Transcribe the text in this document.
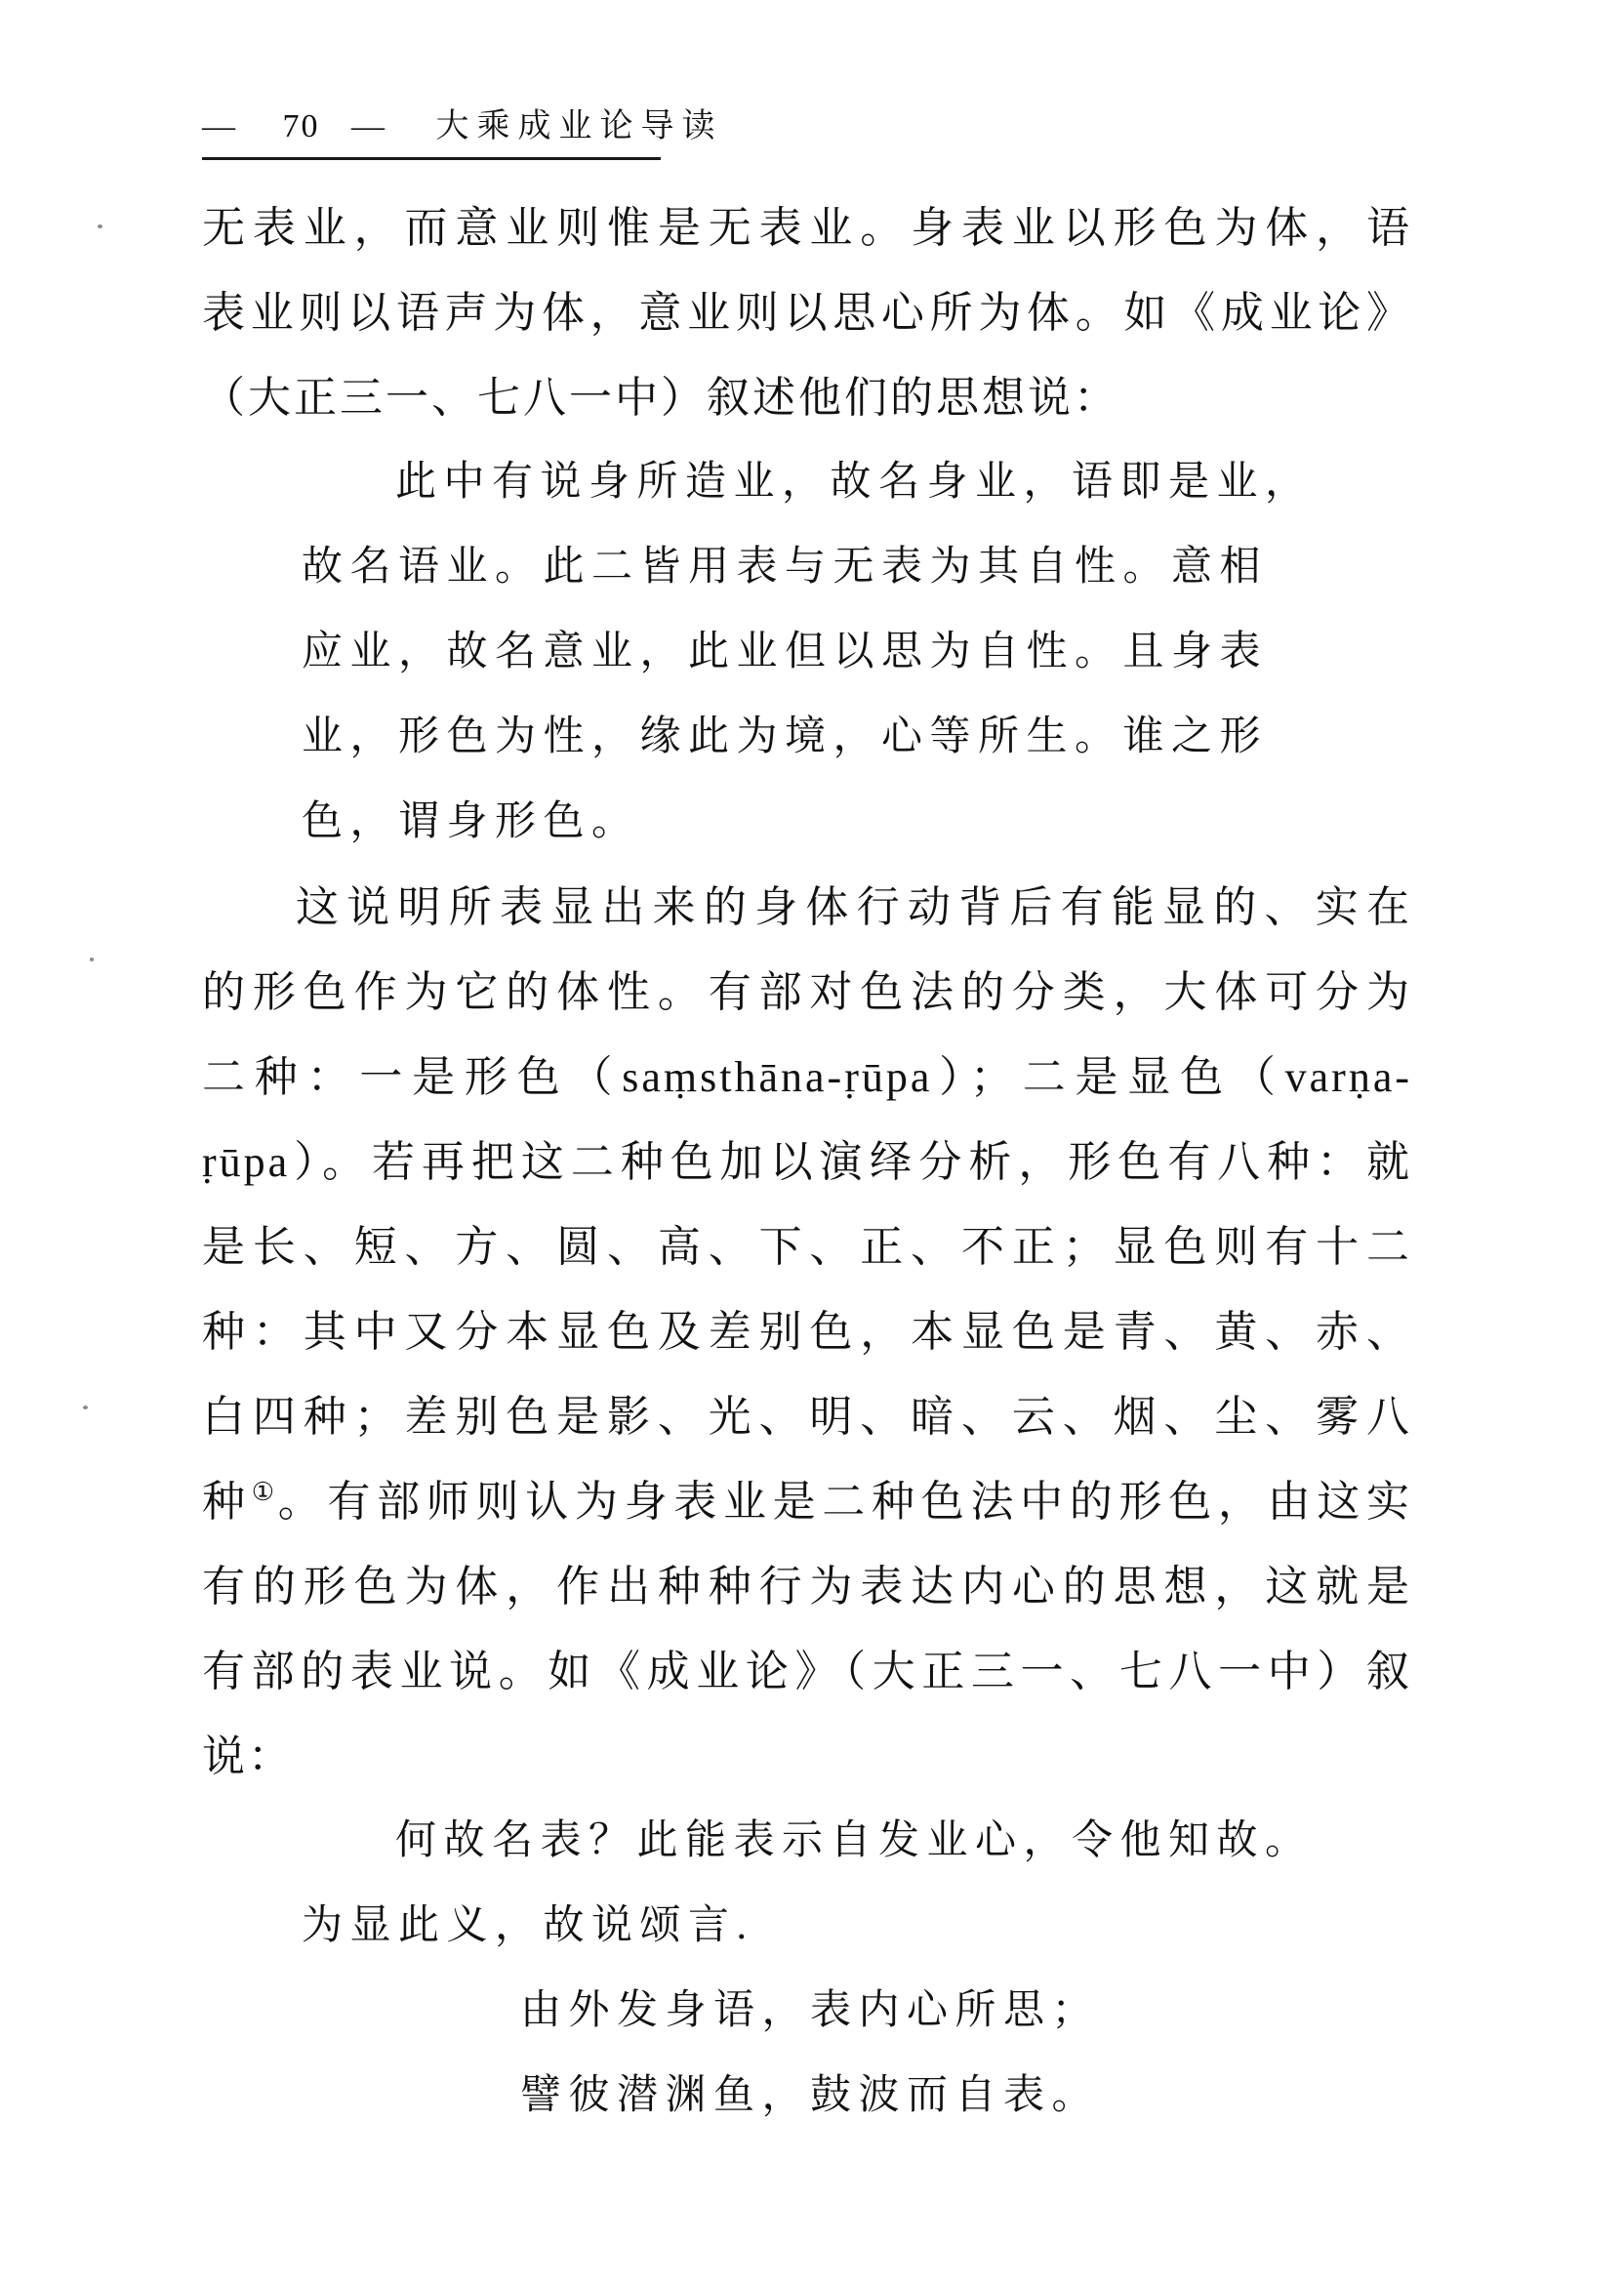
— 70 — 大乘成业论导读
无表业，而意业则惟是无表业。身表业以形色为体，语
表业则以语声为体，意业则以思心所为体。如《成业论》
（大正三一、七八一中）叙述他们的思想说：
此中有说身所造业，故名身业，语即是业，
故名语业。此二皆用表与无表为其自性。意相
应业，故名意业，此业但以思为自性。且身表
业，形色为性，缘此为境，心等所生。谁之形
色，谓身形色。
这说明所表显出来的身体行动背后有能显的、实在
的形色作为它的体性。有部对色法的分类，大体可分为
二种：一是形色（saṃsthāna-ṛūpa）；二是显色（varṇa-
ṛūpa）。若再把这二种色加以演绎分析，形色有八种：就
是长、短、方、圆、高、下、正、不正；显色则有十二
种：其中又分本显色及差别色，本显色是青、黄、赤、
白四种；差别色是影、光、明、暗、云、烟、尘、雾八
种①。有部师则认为身表业是二种色法中的形色，由这实
有的形色为体，作出种种行为表达内心的思想，这就是
有部的表业说。如《成业论》（大正三一、七八一中）叙
说：
何故名表？此能表示自发业心，令他知故。
为显此义，故说颂言.
由外发身语，表内心所思；
譬彼潜渊鱼，鼓波而自表。
